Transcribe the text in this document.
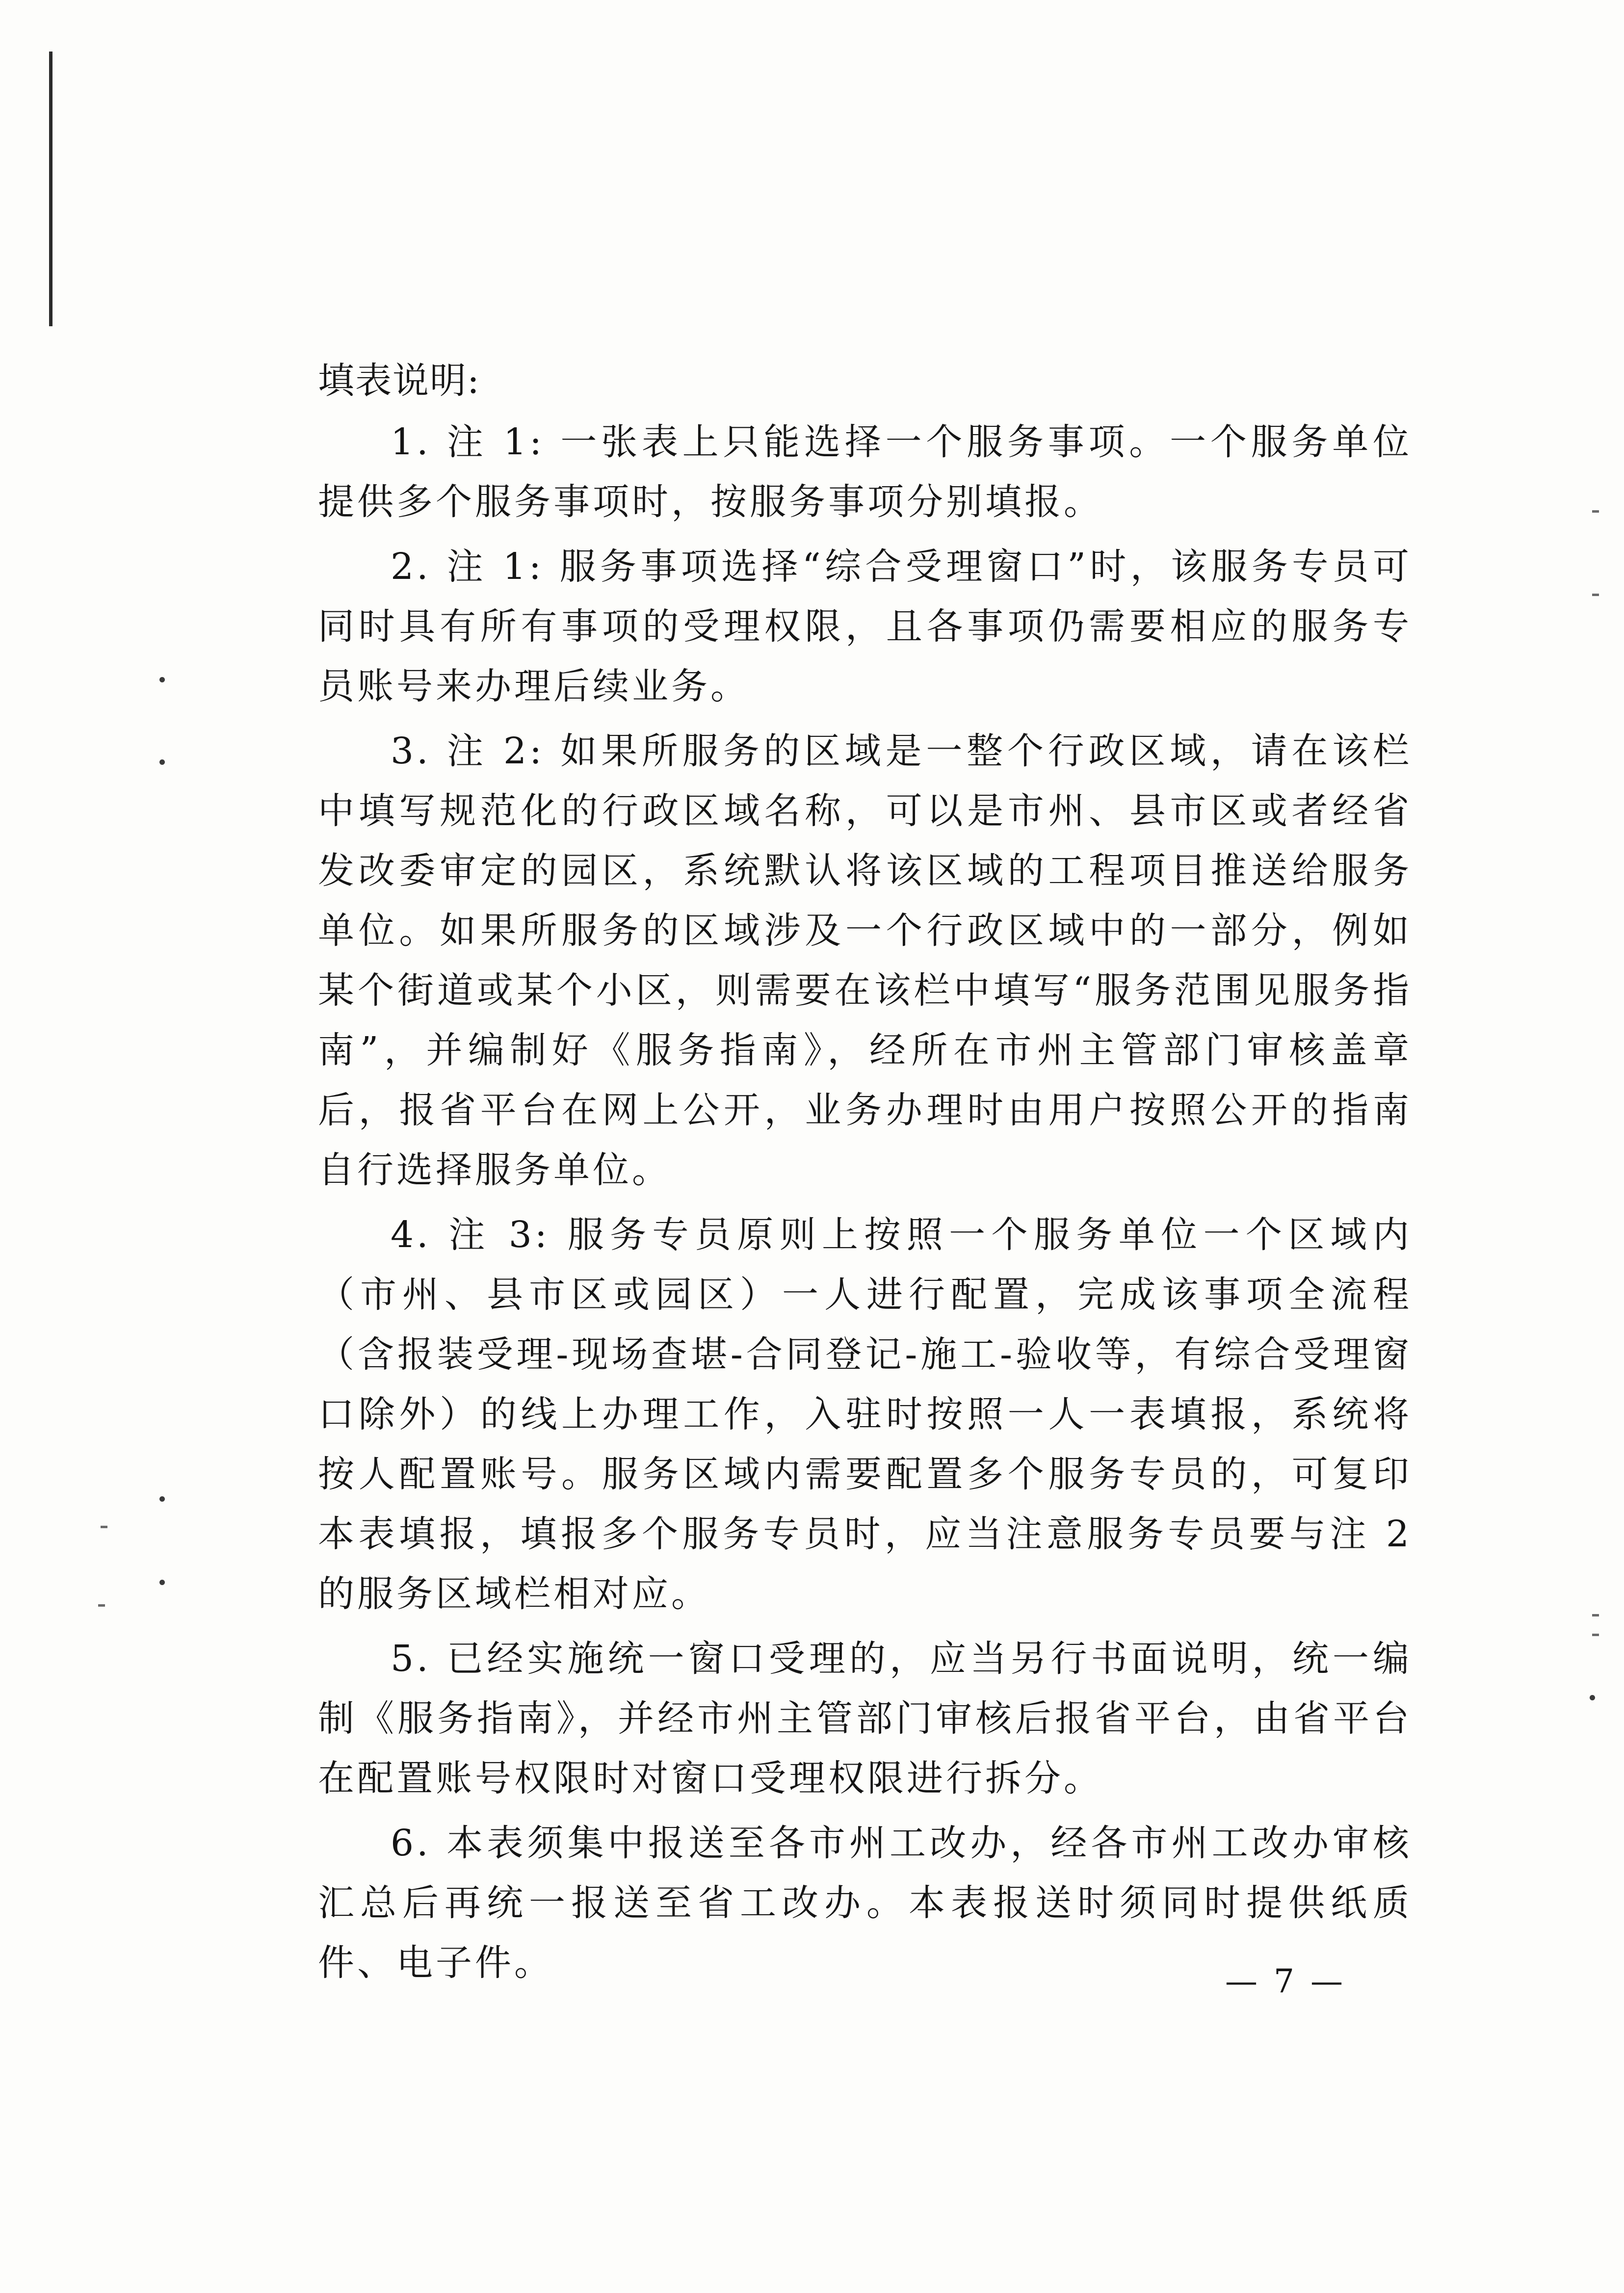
填表说明:

1. 注 1: 一张表上只能选择一个服务事项。一个服务单位提供多个服务事项时，按服务事项分别填报。

2. 注 1: 服务事项选择“综合受理窗口”时，该服务专员可同时具有所有事项的受理权限，且各事项仍需要相应的服务专员账号来办理后续业务。

3. 注 2: 如果所服务的区域是一整个行政区域，请在该栏中填写规范化的行政区域名称，可以是市州、县市区或者经省发改委审定的园区，系统默认将该区域的工程项目推送给服务单位。如果所服务的区域涉及一个行政区域中的一部分，例如某个街道或某个小区，则需要在该栏中填写“服务范围见服务指南”，并编制好《服务指南》，经所在市州主管部门审核盖章后，报省平台在网上公开，业务办理时由用户按照公开的指南自行选择服务单位。

4. 注 3: 服务专员原则上按照一个服务单位一个区域内（市州、县市区或园区）一人进行配置，完成该事项全流程（含报装受理-现场查堪-合同登记-施工-验收等，有综合受理窗口除外）的线上办理工作，入驻时按照一人一表填报，系统将按人配置账号。服务区域内需要配置多个服务专员的，可复印本表填报，填报多个服务专员时，应当注意服务专员要与注 2 的服务区域栏相对应。

5. 已经实施统一窗口受理的，应当另行书面说明，统一编制《服务指南》，并经市州主管部门审核后报省平台，由省平台在配置账号权限时对窗口受理权限进行拆分。

6. 本表须集中报送至各市州工改办，经各市州工改办审核汇总后再统一报送至省工改办。本表报送时须同时提供纸质件、电子件。	— 7 —
